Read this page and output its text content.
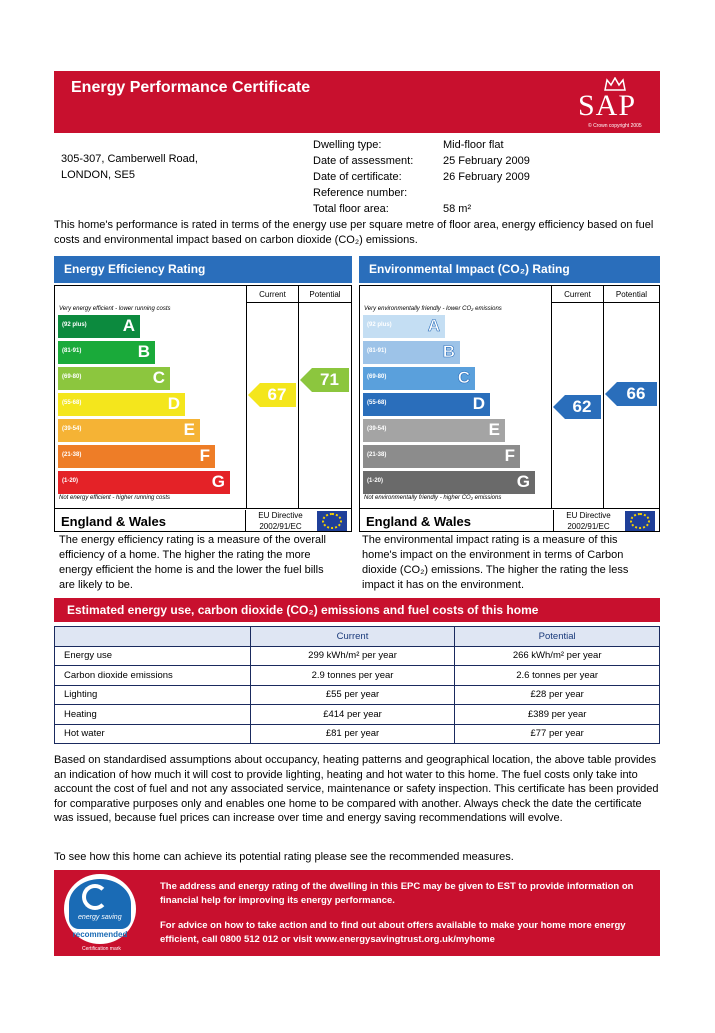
Energy Performance Certificate
SAP
© Crown copyright 2005
305-307, Camberwell Road,
LONDON, SE5
Dwelling type:	Mid-floor flat
Date of assessment:	25 February 2009
Date of certificate:	26 February 2009
Reference number:
Total floor area:	58 m²
This home's performance is rated in terms of the energy use per square metre of floor area, energy efficiency based on fuel costs and environmental impact based on carbon dioxide (CO₂) emissions.
Energy Efficiency Rating
Current	Potential
Very energy efficient - lower running costs
(92 plus) A
(81-91)	B
(69-80)	C
(55-68)	D
(39-54)	E
(21-38)	F
(1-20)	G
Not energy efficient - higher running costs
67
71
England & Wales	EU Directive 2002/91/EC
Environmental Impact (CO₂) Rating
Current	Potential
Very environmentally friendly - lower CO₂ emissions
(92 plus) A
(81-91)	B
(69-80)	C
(55-68)	D
(39-54)	E
(21-38)	F
(1-20)	G
Not environmentally friendly - higher CO₂ emissions
62
66
England & Wales	EU Directive 2002/91/EC
The energy efficiency rating is a measure of the overall efficiency of a home. The higher the rating the more energy efficient the home is and the lower the fuel bills are likely to be.
The environmental impact rating is a measure of this home's impact on the environment in terms of Carbon dioxide (CO₂) emissions. The higher the rating the less impact it has on the environment.
Estimated energy use, carbon dioxide (CO₂) emissions and fuel costs of this home
	Current	Potential
Energy use	299 kWh/m² per year	266 kWh/m² per year
Carbon dioxide emissions	2.9 tonnes per year	2.6 tonnes per year
Lighting	£55 per year	£28 per year
Heating	£414 per year	£389 per year
Hot water	£81 per year	£77 per year
Based on standardised assumptions about occupancy, heating patterns and geographical location, the above table provides an indication of how much it will cost to provide lighting, heating and hot water to this home. The fuel costs only take into account the cost of fuel and not any associated service, maintenance or safety inspection. This certificate has been provided for comparative purposes only and enables one home to be compared with another. Always check the date the certificate was issued, because fuel prices can increase over time and energy saving recommendations will evolve.
To see how this home can achieve its potential rating please see the recommended measures.
energy saving
recommended
Certification mark
The address and energy rating of the dwelling in this EPC may be given to EST to provide information on financial help for improving its energy performance.
For advice on how to take action and to find out about offers available to make your home more energy efficient, call 0800 512 012 or visit www.energysavingtrust.org.uk/myhome
